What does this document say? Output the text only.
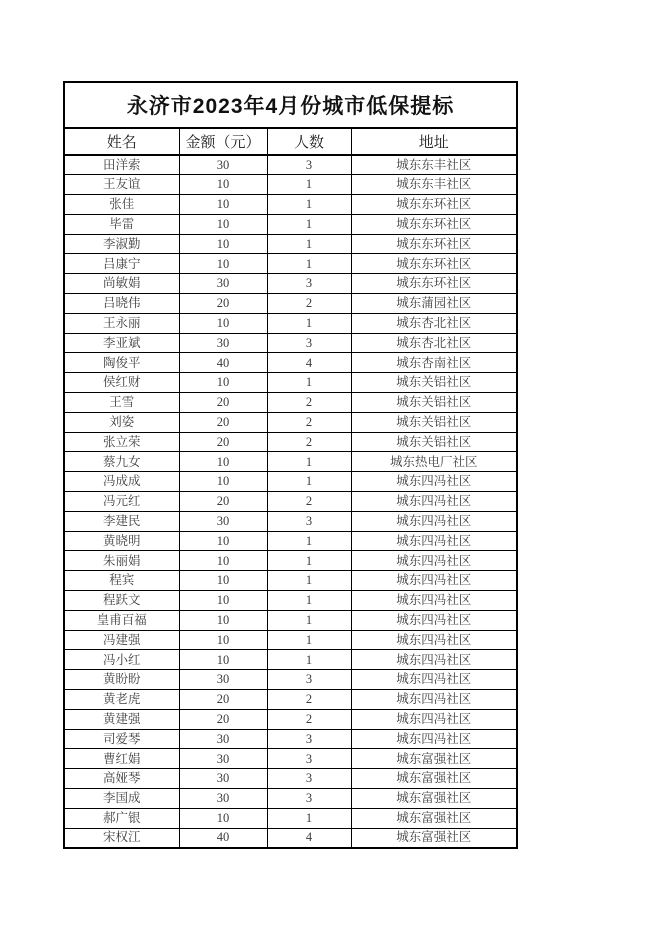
永济市2023年4月份城市低保提标			
姓名	金额（元）	人数	地址
田洋索	30	3	城东东丰社区
王友谊	10	1	城东东丰社区
张佳	10	1	城东东环社区
毕雷	10	1	城东东环社区
李淑勤	10	1	城东东环社区
吕康宁	10	1	城东东环社区
尚敏娟	30	3	城东东环社区
吕晓伟	20	2	城东蒲园社区
王永丽	10	1	城东杏北社区
李亚斌	30	3	城东杏北社区
陶俊平	40	4	城东杏南社区
侯红财	10	1	城东关铝社区
王雪	20	2	城东关铝社区
刘姿	20	2	城东关铝社区
张立荣	20	2	城东关铝社区
蔡九女	10	1	城东热电厂社区
冯成成	10	1	城东四冯社区
冯元红	20	2	城东四冯社区
李建民	30	3	城东四冯社区
黄晓明	10	1	城东四冯社区
朱丽娟	10	1	城东四冯社区
程宾	10	1	城东四冯社区
程跃文	10	1	城东四冯社区
皇甫百福	10	1	城东四冯社区
冯建强	10	1	城东四冯社区
冯小红	10	1	城东四冯社区
黄盼盼	30	3	城东四冯社区
黄老虎	20	2	城东四冯社区
黄建强	20	2	城东四冯社区
司爱琴	30	3	城东四冯社区
曹红娟	30	3	城东富强社区
高娅琴	30	3	城东富强社区
李国成	30	3	城东富强社区
郝广银	10	1	城东富强社区
宋权江	40	4	城东富强社区
